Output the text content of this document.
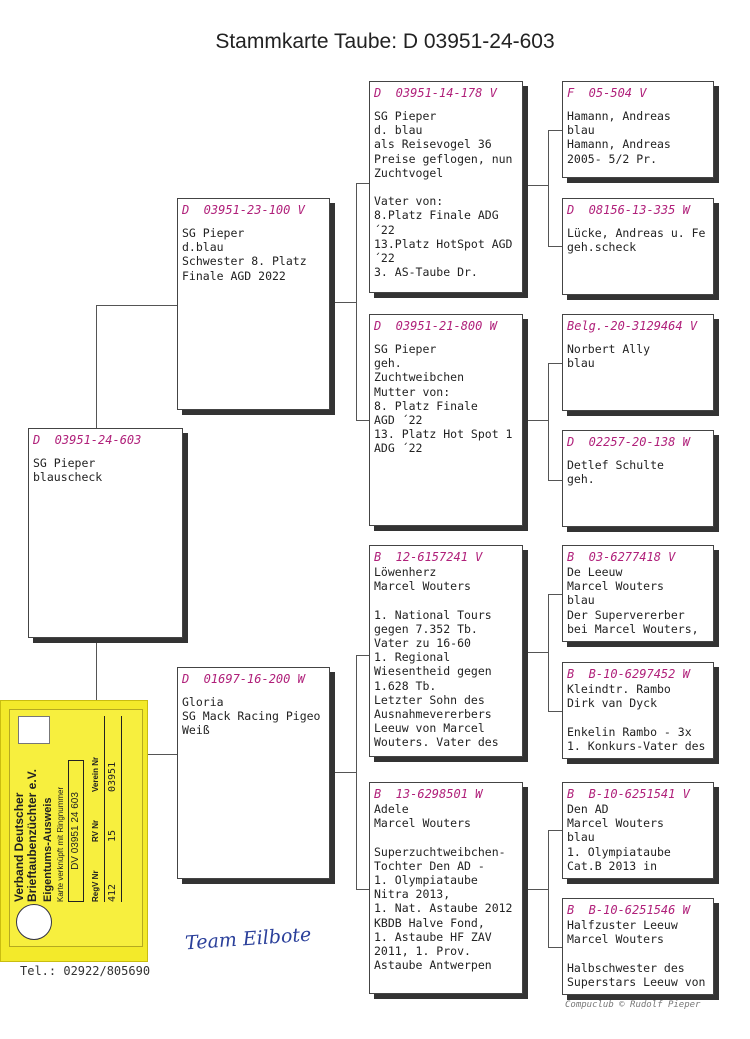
Stammkarte Taube: D 03951-24-603
D  03951-24-603
SG Pieper
blauscheck
D  03951-23-100 V
SG Pieper
d.blau
Schwester 8. Platz
Finale AGD 2022
D  01697-16-200 W
Gloria
SG Mack Racing Pigeo
Weiß
D  03951-14-178 V
SG Pieper
d. blau
als Reisevogel 36
Preise geflogen, nun
Zuchtvogel
Vater von:
8.Platz Finale ADG
´22
13.Platz HotSpot AGD
´22
3. AS-Taube Dr.
D  03951-21-800 W
SG Pieper
geh.
Zuchtweibchen
Mutter von:
8. Platz Finale
AGD ´22
13. Platz Hot Spot 1
ADG ´22
B  12-6157241 V
Löwenherz
Marcel Wouters
1. National Tours
gegen 7.352 Tb.
Vater zu 16-60
1. Regional
Wiesentheid gegen
1.628 Tb.
Letzter Sohn des
Ausnahmevererbers
Leeuw von Marcel
Wouters. Vater des
B  13-6298501 W
Adele
Marcel Wouters
Superzuchtweibchen-
Tochter Den AD -
1. Olympiataube
Nitra 2013,
1. Nat. Astaube 2012
KBDB Halve Fond,
1. Astaube HF ZAV
2011, 1. Prov.
Astaube Antwerpen
F  05-504 V
Hamann, Andreas
blau
Hamann, Andreas
2005- 5/2 Pr.
D  08156-13-335 W
Lücke, Andreas u. Fe
geh.scheck
Belg.-20-3129464 V
Norbert Ally
blau
D  02257-20-138 W
Detlef Schulte
geh.
B  03-6277418 V
De Leeuw
Marcel Wouters
blau
Der Supervererber
bei Marcel Wouters,
B  B-10-6297452 W
Kleindtr. Rambo
Dirk van Dyck
Enkelin Rambo - 3x
1. Konkurs-Vater des
B  B-10-6251541 V
Den AD
Marcel Wouters
blau
1. Olympiataube
Cat.B 2013 in
B  B-10-6251546 W
Halfzuster Leeuw
Marcel Wouters
Halbschwester des
Superstars Leeuw von
Verband Deutscher Brieftaubenzüchter e.V. Eigentums-Ausweis Karte verknüpft mit Ringnummer DV 03951 24 603
RegV Nr
RV Nr
Verein Nr
412
15
03951
Team Eilbote
Tel.: 02922/805690
Compuclub © Rudolf Pieper
